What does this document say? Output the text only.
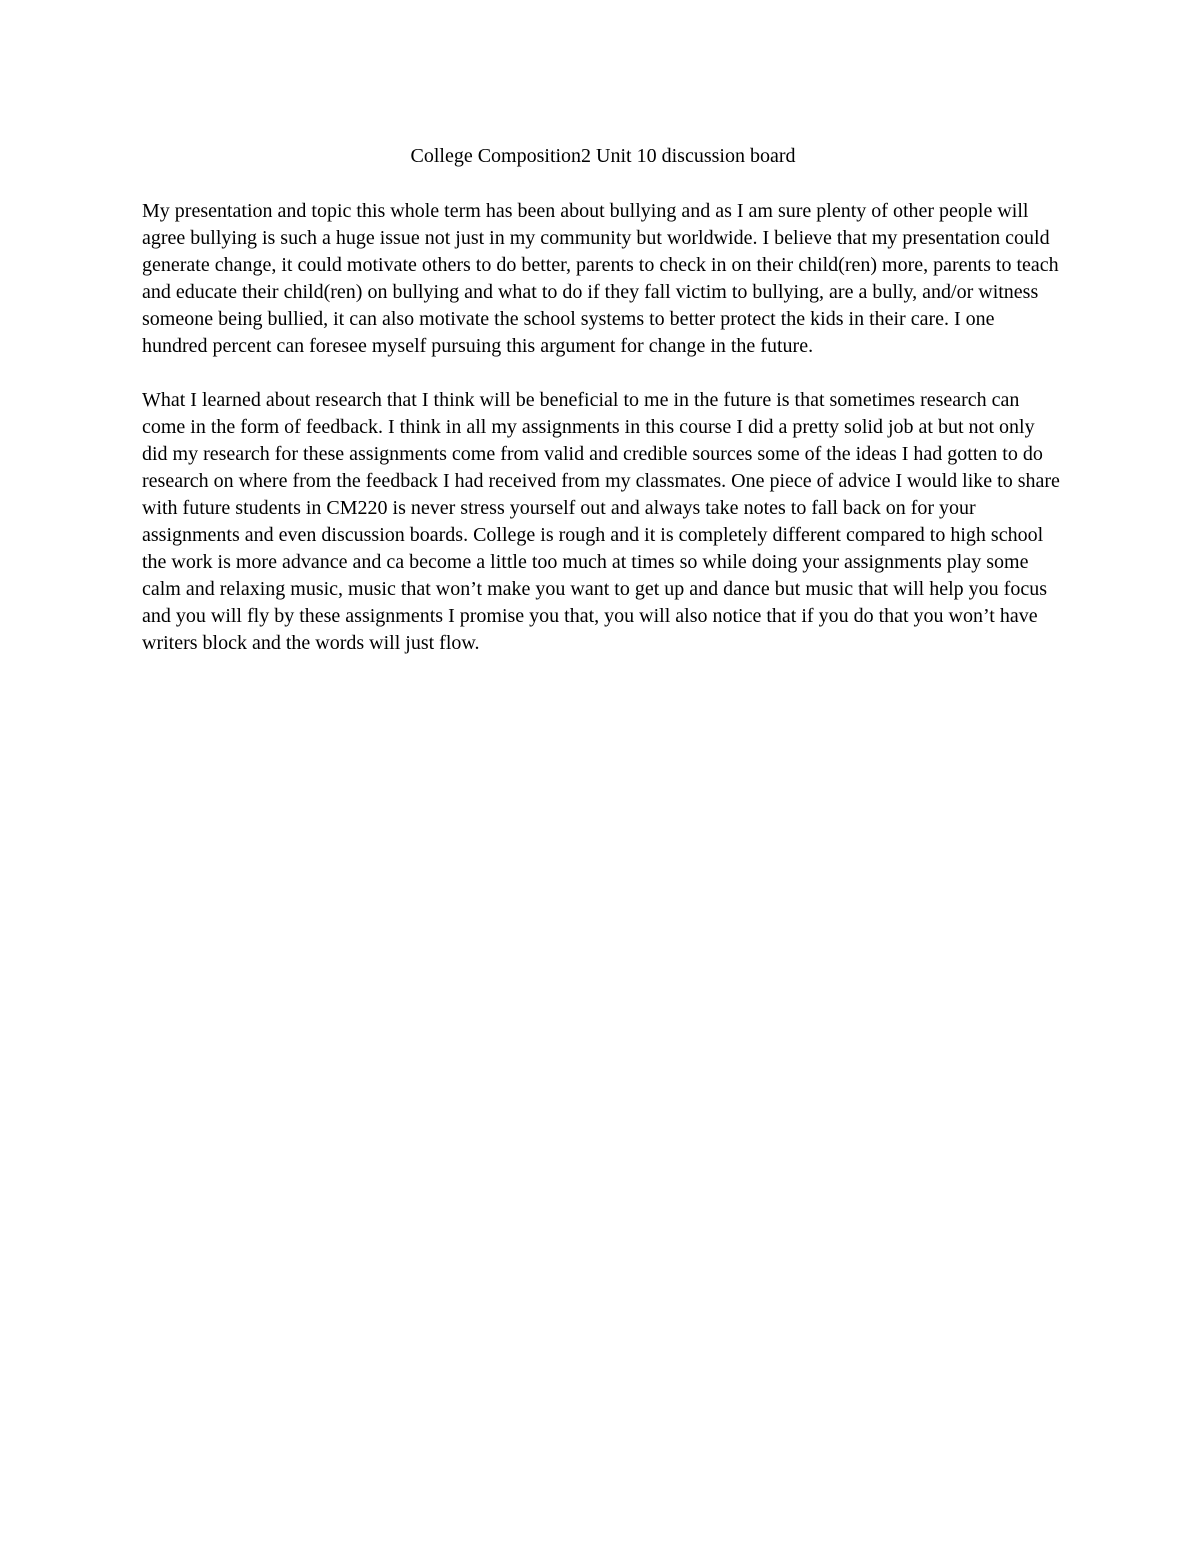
College Composition2 Unit 10 discussion board

My presentation and topic this whole term has been about bullying and as I am sure plenty of other people will agree bullying is such a huge issue not just in my community but worldwide. I believe that my presentation could generate change, it could motivate others to do better, parents to check in on their child(ren) more, parents to teach and educate their child(ren) on bullying and what to do if they fall victim to bullying, are a bully, and/or witness someone being bullied, it can also motivate the school systems to better protect the kids in their care. I one hundred percent can foresee myself pursuing this argument for change in the future.

What I learned about research that I think will be beneficial to me in the future is that sometimes research can come in the form of feedback. I think in all my assignments in this course I did a pretty solid job at but not only did my research for these assignments come from valid and credible sources some of the ideas I had gotten to do research on where from the feedback I had received from my classmates. One piece of advice I would like to share with future students in CM220 is never stress yourself out and always take notes to fall back on for your assignments and even discussion boards. College is rough and it is completely different compared to high school the work is more advance and ca become a little too much at times so while doing your assignments play some calm and relaxing music, music that won’t make you want to get up and dance but music that will help you focus and you will fly by these assignments I promise you that, you will also notice that if you do that you won’t have writers block and the words will just flow.
